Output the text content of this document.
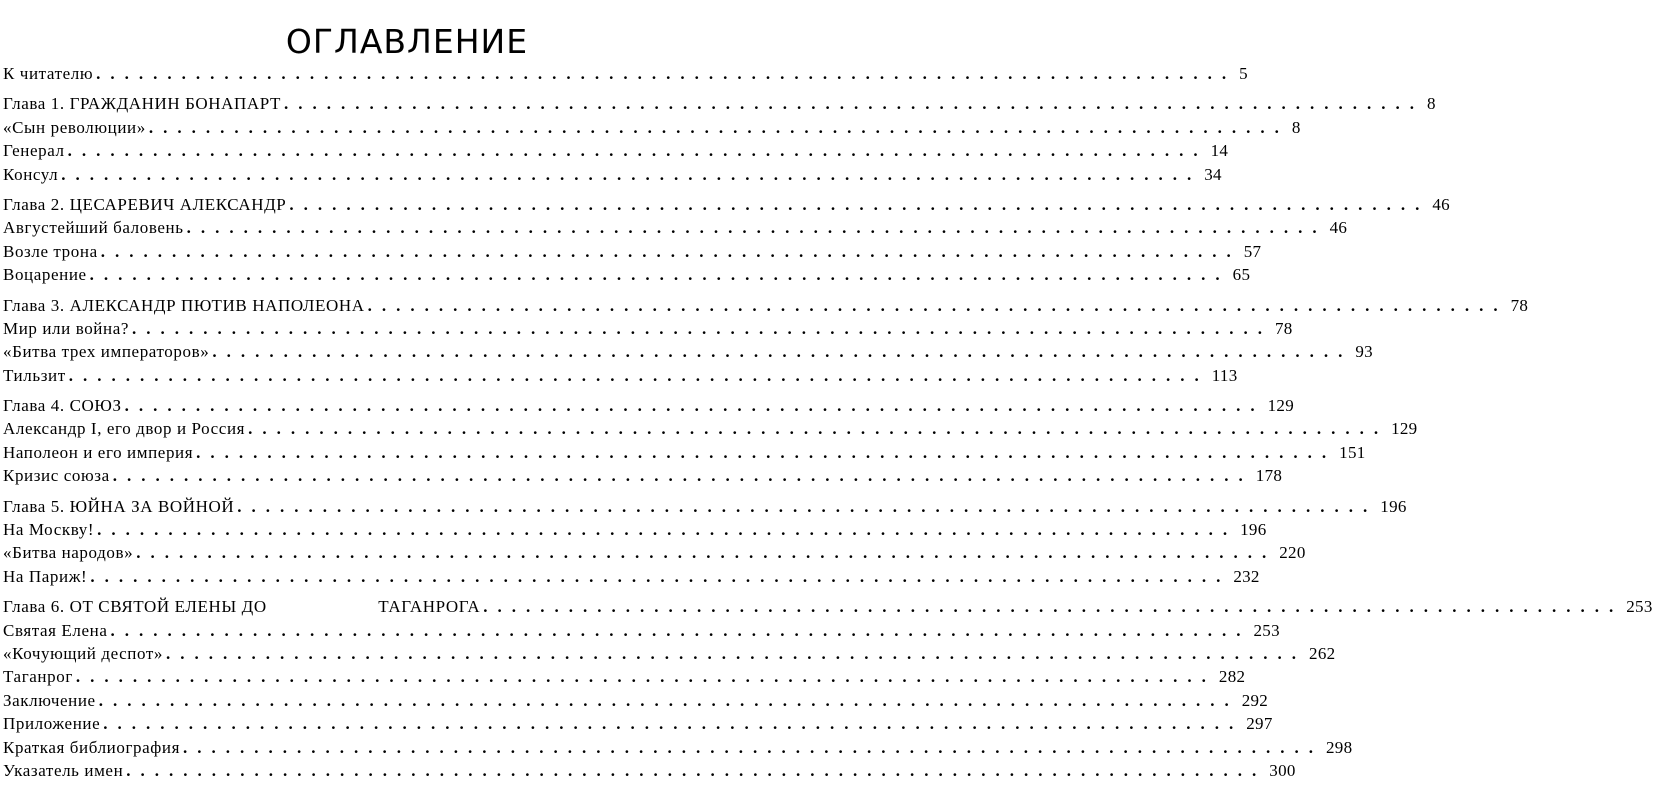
ОГЛАВЛЕНИЕ
К читателю ................................................................................ 5
Глава 1. ГРАЖДАНИН БОНАПАРТ ................................................................................ 8
«Сын революции» ................................................................................ 8
Генерал ................................................................................ 14
Консул ................................................................................ 34
Глава 2. ЦЕСАРЕВИЧ АЛЕКСАНДР ................................................................................ 46
Августейший баловень ................................................................................ 46
Возле трона ................................................................................ 57
Воцарение ................................................................................ 65
Глава 3. АЛЕКСАНДР ПЮТИВ НАПОЛЕОНА ................................................................................ 78
Мир или война? ................................................................................ 78
«Битва трех императоров» ................................................................................ 93
Тильзит ................................................................................ 113
Глава 4. СОЮЗ ................................................................................ 129
Александр I, его двор и Россия ................................................................................ 129
Наполеон и его империя ................................................................................ 151
Кризис союза ................................................................................ 178
Глава 5. ЮЙНА ЗА ВОЙНОЙ ................................................................................ 196
На Москву! ................................................................................ 196
«Битва народов» ................................................................................ 220
На Париж! ................................................................................ 232
Глава 6. ОТ СВЯТОЙ ЕЛЕНЫ ДО                       ТАГАНРОГА ................................................................................ 253
Святая Елена ................................................................................ 253
«Кочующий деспот» ................................................................................ 262
Таганрог ................................................................................ 282
Заключение ................................................................................ 292
Приложение ................................................................................ 297
Краткая библиография ................................................................................ 298
Указатель имен ................................................................................ 300
